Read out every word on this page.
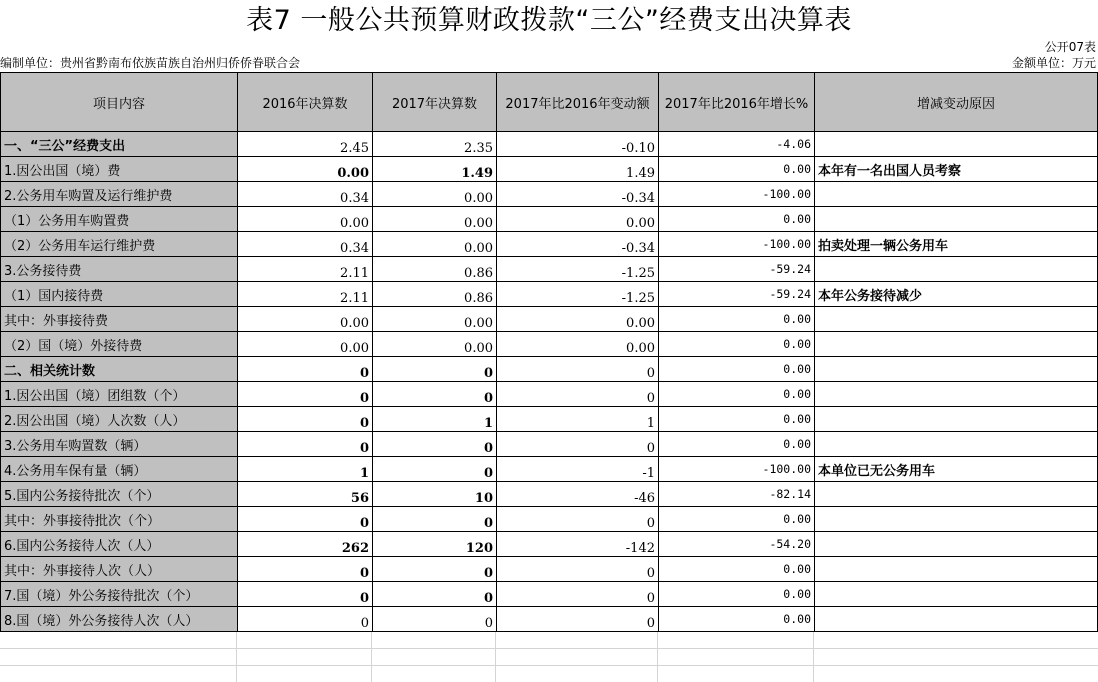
表7 一般公共预算财政拨款“三公”经费支出决算表
公开07表
编制单位：贵州省黔南布依族苗族自治州归侨侨眷联合会	金额单位：万元
项目内容	2016年决算数	2017年决算数	2017年比2016年变动额	2017年比2016年增长%	增减变动原因
一、“三公”经费支出	2.45	2.35	-0.10	-4.06	
1.因公出国（境）费	0.00	1.49	1.49	0.00	本年有一名出国人员考察
2.公务用车购置及运行维护费	0.34	0.00	-0.34	-100.00	
（1）公务用车购置费	0.00	0.00	0.00	0.00	
（2）公务用车运行维护费	0.34	0.00	-0.34	-100.00	拍卖处理一辆公务用车
3.公务接待费	2.11	0.86	-1.25	-59.24	
（1）国内接待费	2.11	0.86	-1.25	-59.24	本年公务接待减少
其中：外事接待费	0.00	0.00	0.00	0.00	
（2）国（境）外接待费	0.00	0.00	0.00	0.00	
二、相关统计数	0	0	0	0.00	
1.因公出国（境）团组数（个）	0	0	0	0.00	
2.因公出国（境）人次数（人）	0	1	1	0.00	
3.公务用车购置数（辆）	0	0	0	0.00	
4.公务用车保有量（辆）	1	0	-1	-100.00	本单位已无公务用车
5.国内公务接待批次（个）	56	10	-46	-82.14	
其中：外事接待批次（个）	0	0	0	0.00	
6.国内公务接待人次（人）	262	120	-142	-54.20	
其中：外事接待人次（人）	0	0	0	0.00	
7.国（境）外公务接待批次（个）	0	0	0	0.00	
8.国（境）外公务接待人次（人）	0	0	0	0.00	
